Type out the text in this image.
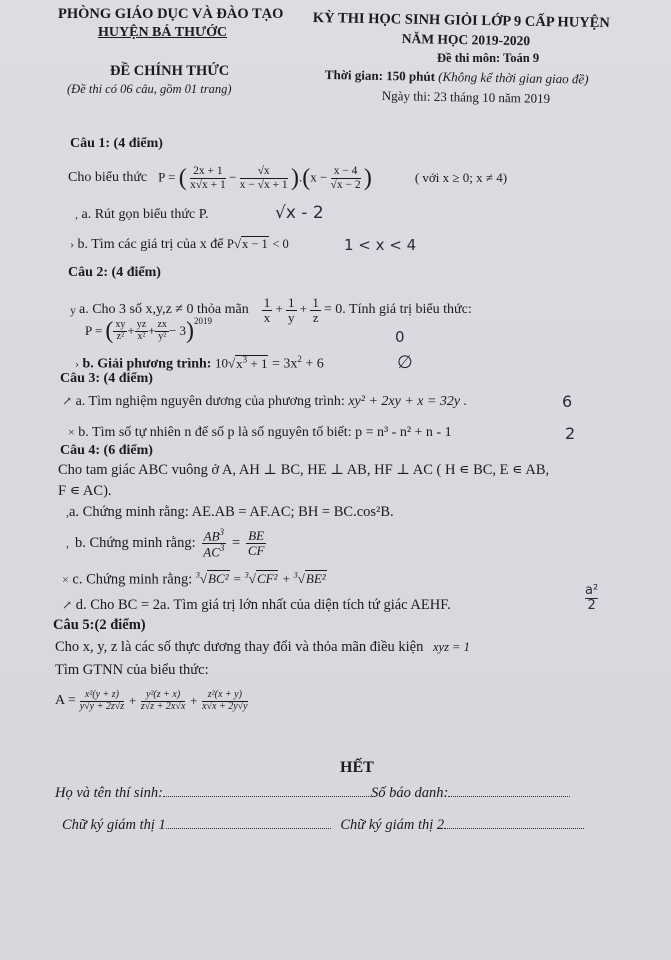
PHÒNG GIÁO DỤC VÀ ĐÀO TẠO
HUYỆN BÁ THƯỚC
ĐỀ CHÍNH THỨC
(Đề thi có 06 câu, gồm 01 trang)
KỲ THI HỌC SINH GIỎI LỚP 9 CẤP HUYỆN
NĂM HỌC 2019-2020
Đề thi môn: Toán 9
Thời gian: 150 phút (Không kể thời gian giao đề)
Ngày thi: 23 tháng 10 năm 2019
Câu 1: (4 điểm)
Cho biểu thức P = ( $\frac{2x + 1}{x√x + 1} - \frac{√x}{x - √x + 1} ).(x - \frac{x - 4}{√x - 2}$ )	( với x ≥ 0; x ≠ 4)
, a. Rút gọn biểu thức P.	√x - 2
› b. Tìm các giá trị của x để P√x − 1 < 0	1 < x < 4
Câu 2: (4 điểm)
y a. Cho 3 số x,y,z ≠ 0 thỏa mãn $\frac{1}{x} + \frac{1}{y} + \frac{1}{z} = 0$. Tính giá trị biểu thức:
P = ( $\frac{xy}{\text{z²}} + \frac{yz}{\text{x²}} + \frac{zx}{\text{y²}} - 3$ )$^{2019}$
0
› b. Giải phương trình: $10√x^3 + 1 = 3x^2 + 6$	∅
Câu 3: (4 điểm)
↗ a. Tìm nghiệm nguyên dương của phương trình: xy² + 2xy + x = 32y .	6
× b. Tìm số tự nhiên n để số p là số nguyên tố biết: p = n³ - n² + n - 1	2
Câu 4: (6 điểm)
Cho tam giác ABC vuông ở A, AH ⊥ BC, HE ⊥ AB, HF ⊥ AC ( H ∊ BC, E ∊ AB,
F ∊ AC).
,a. Chứng minh rằng: AE.AB = AF.AC; BH = BC.cos²B.
, b. Chứng minh rằng: $\frac{AB^3}{AC^3} = \frac{BE}{CF}$
× c. Chứng minh rằng: $^3$√BC² = $^3$√CF² + $^3$√BE²
↗ d. Cho BC = 2a. Tìm giá trị lớn nhất của diện tích tứ giác AEHF.	$\frac{\text{a²}}{2}$
Câu 5:(2 điểm)
Cho x, y, z là các số thực dương thay đổi và thỏa mãn điều kiện xyz = 1
Tìm GTNN của biểu thức:
$A = \frac{\text{x²(y + z)}}{y√y + 2z√z} + \frac{\text{y²(z + x)}}{z√z + 2x√x} + \frac{\text{z²(x + y)}}{x√x + 2y√y}$
HẾT
Họ và tên thí sinh:	Số báo danh:
Chữ ký giám thị 1	Chữ ký giám thị 2
